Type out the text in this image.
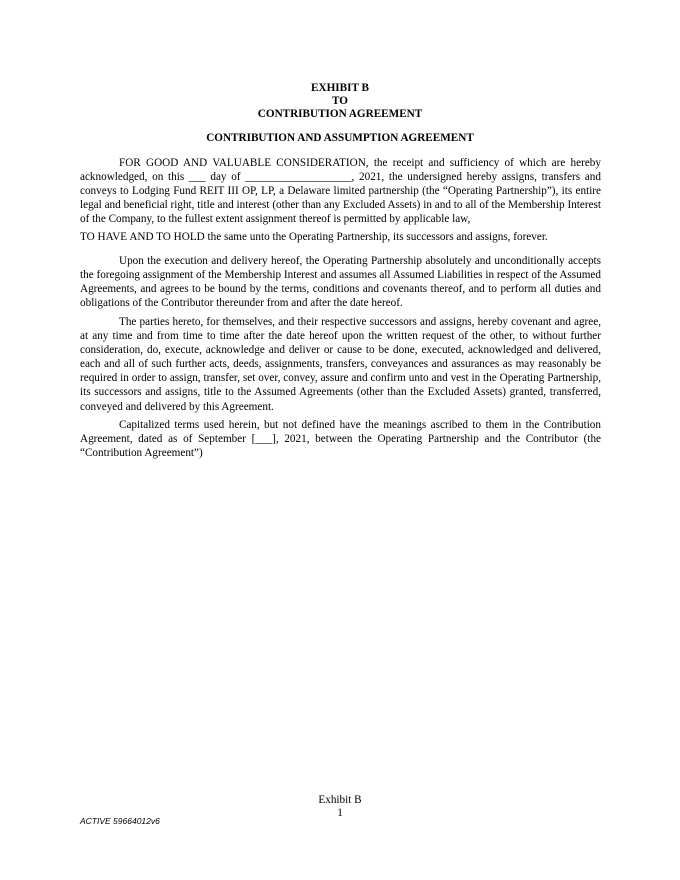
EXHIBIT B
TO
CONTRIBUTION AGREEMENT
CONTRIBUTION AND ASSUMPTION AGREEMENT

FOR GOOD AND VALUABLE CONSIDERATION, the receipt and sufficiency of which are hereby acknowledged, on this ___ day of ___________________, 2021, the undersigned hereby assigns, transfers and conveys to Lodging Fund REIT III OP, LP, a Delaware limited partnership (the “Operating Partnership”), its entire legal and beneficial right, title and interest (other than any Excluded Assets) in and to all of the Membership Interest of the Company, to the fullest extent assignment thereof is permitted by applicable law,

TO HAVE AND TO HOLD the same unto the Operating Partnership, its successors and assigns, forever.

Upon the execution and delivery hereof, the Operating Partnership absolutely and unconditionally accepts the foregoing assignment of the Membership Interest and assumes all Assumed Liabilities in respect of the Assumed Agreements, and agrees to be bound by the terms, conditions and covenants thereof, and to perform all duties and obligations of the Contributor thereunder from and after the date hereof.

The parties hereto, for themselves, and their respective successors and assigns, hereby covenant and agree, at any time and from time to time after the date hereof upon the written request of the other, to without further consideration, do, execute, acknowledge and deliver or cause to be done, executed, acknowledged and delivered, each and all of such further acts, deeds, assignments, transfers, conveyances and assurances as may reasonably be required in order to assign, transfer, set over, convey, assure and confirm unto and vest in the Operating Partnership, its successors and assigns, title to the Assumed Agreements (other than the Excluded Assets) granted, transferred, conveyed and delivered by this Agreement.

Capitalized terms used herein, but not defined have the meanings ascribed to them in the Contribution Agreement, dated as of September [___], 2021, between the Operating Partnership and the Contributor (the “Contribution Agreement”)

Exhibit B
1
ACTIVE 59664012v6
